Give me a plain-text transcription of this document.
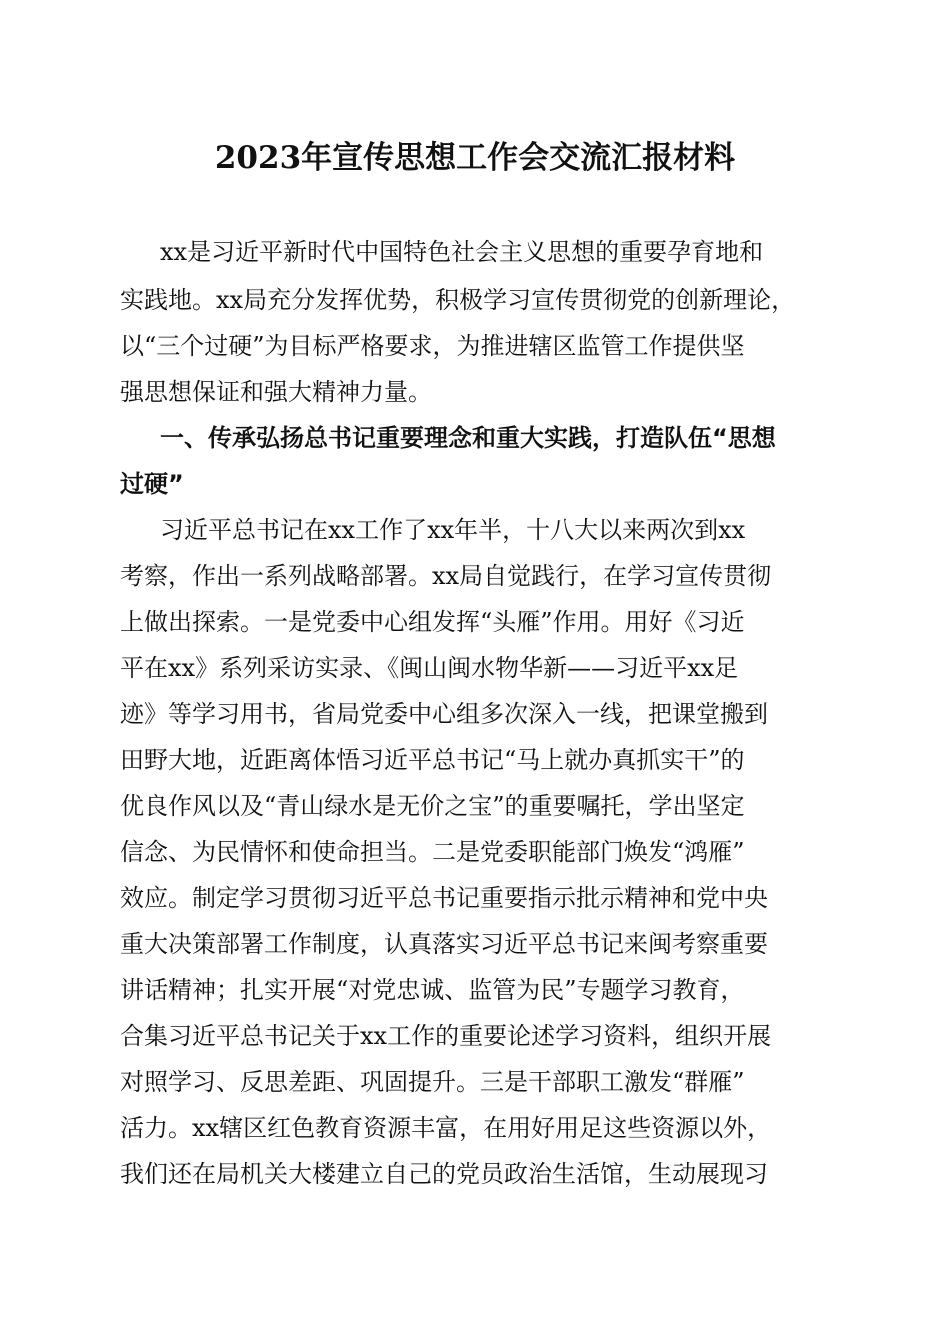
2023年宣传思想工作会交流汇报材料
xx是习近平新时代中国特色社会主义思想的重要孕育地和
实践地。xx局充分发挥优势，积极学习宣传贯彻党的创新理论，
以“三个过硬”为目标严格要求，为推进辖区监管工作提供坚
强思想保证和强大精神力量。
一、传承弘扬总书记重要理念和重大实践，打造队伍“思想
过硬”
习近平总书记在xx工作了xx年半，十八大以来两次到xx
考察，作出一系列战略部署。xx局自觉践行，在学习宣传贯彻
上做出探索。一是党委中心组发挥“头雁”作用。用好《习近
平在xx》系列采访实录、《闽山闽水物华新——习近平xx足
迹》等学习用书，省局党委中心组多次深入一线，把课堂搬到
田野大地，近距离体悟习近平总书记“马上就办真抓实干”的
优良作风以及“青山绿水是无价之宝”的重要嘱托，学出坚定
信念、为民情怀和使命担当。二是党委职能部门焕发“鸿雁”
效应。制定学习贯彻习近平总书记重要指示批示精神和党中央
重大决策部署工作制度，认真落实习近平总书记来闽考察重要
讲话精神；扎实开展“对党忠诚、监管为民”专题学习教育，
合集习近平总书记关于xx工作的重要论述学习资料，组织开展
对照学习、反思差距、巩固提升。三是干部职工激发“群雁”
活力。xx辖区红色教育资源丰富，在用好用足这些资源以外，
我们还在局机关大楼建立自己的党员政治生活馆，生动展现习
